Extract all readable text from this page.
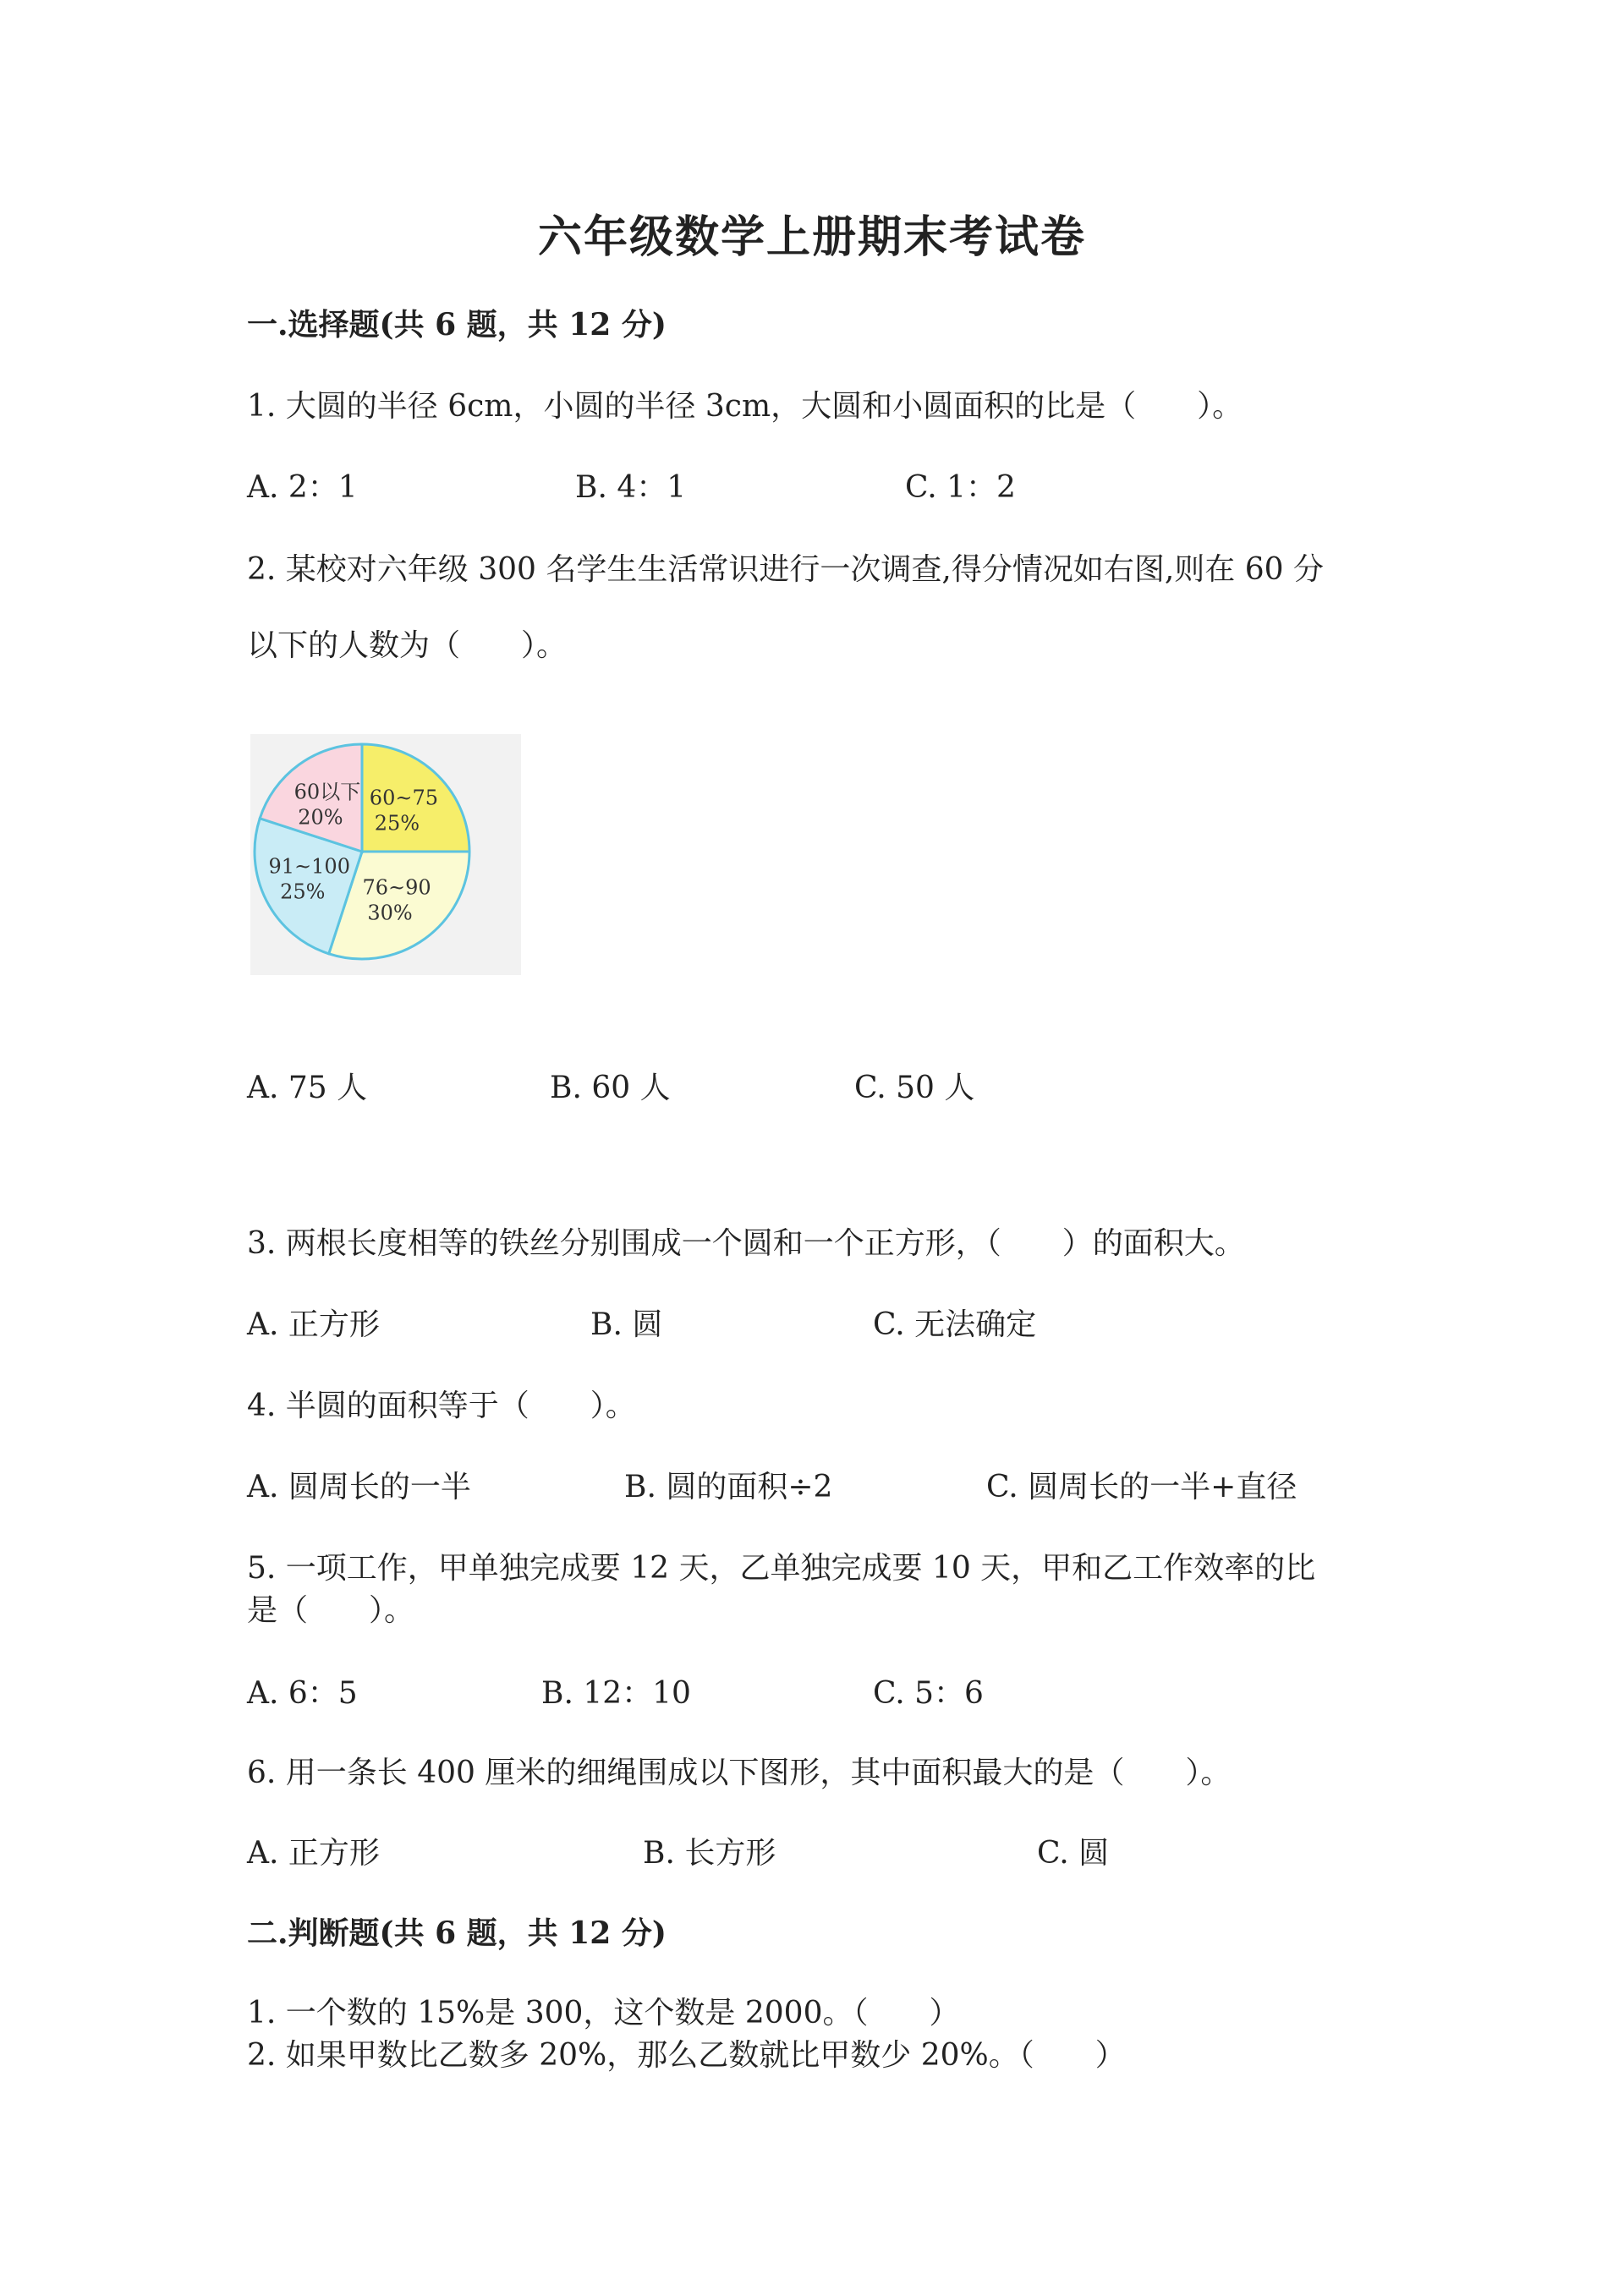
六年级数学上册期末考试卷
一.选择题(共 6 题，共 12 分)
1. 大圆的半径 6cm，小圆的半径 3cm，大圆和小圆面积的比是（　　）。
A. 2：1	B. 4：1	C. 1：2
2. 某校对六年级 300 名学生生活常识进行一次调查,得分情况如右图,则在 60 分
以下的人数为（　　）。
60~75
25%
76~90
30%
91~100
25%
60以下
20%
A. 75 人	B. 60 人	C. 50 人
3. 两根长度相等的铁丝分别围成一个圆和一个正方形，（　　）的面积大。
A. 正方形	B. 圆	C. 无法确定
4. 半圆的面积等于（　　）。
A. 圆周长的一半	B. 圆的面积÷2	C. 圆周长的一半+直径
5. 一项工作，甲单独完成要 12 天，乙单独完成要 10 天，甲和乙工作效率的比
是（　　）。
A. 6：5	B. 12：10	C. 5：6
6. 用一条长 400 厘米的细绳围成以下图形，其中面积最大的是（　　）。
A. 正方形	B. 长方形	C. 圆
二.判断题(共 6 题，共 12 分)
1. 一个数的 15%是 300，这个数是 2000。（　　）
2. 如果甲数比乙数多 20%，那么乙数就比甲数少 20%。（　　）
